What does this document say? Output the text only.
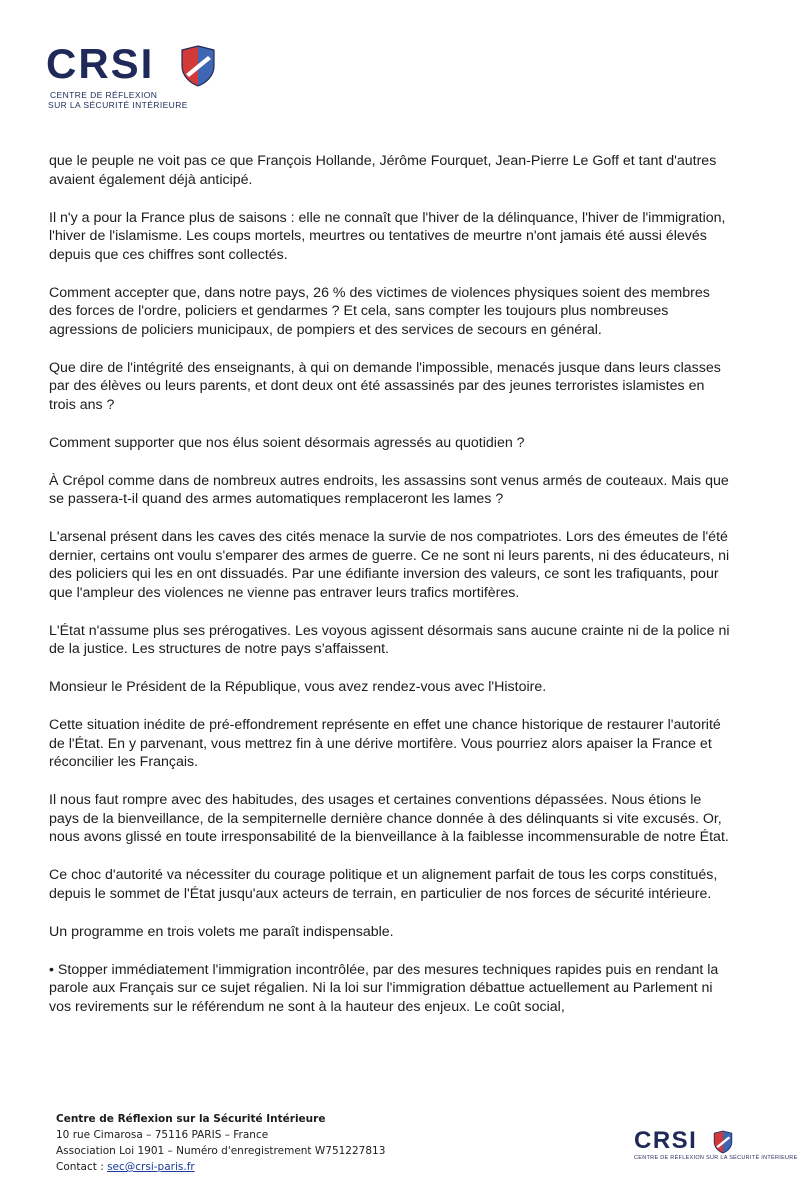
CRSI
CENTRE DE RÉFLEXION
SUR LA SÉCURITÉ INTÉRIEURE

que le peuple ne voit pas ce que François Hollande, Jérôme Fourquet, Jean-Pierre Le Goff et tant d'autres avaient également déjà anticipé.

Il n'y a pour la France plus de saisons : elle ne connaît que l'hiver de la délinquance, l'hiver de l'immigration, l'hiver de l'islamisme. Les coups mortels, meurtres ou tentatives de meurtre n'ont jamais été aussi élevés depuis que ces chiffres sont collectés.

Comment accepter que, dans notre pays, 26 % des victimes de violences physiques soient des membres des forces de l'ordre, policiers et gendarmes ? Et cela, sans compter les toujours plus nombreuses agressions de policiers municipaux, de pompiers et des services de secours en général.

Que dire de l'intégrité des enseignants, à qui on demande l'impossible, menacés jusque dans leurs classes par des élèves ou leurs parents, et dont deux ont été assassinés par des jeunes terroristes islamistes en trois ans ?

Comment supporter que nos élus soient désormais agressés au quotidien ?

À Crépol comme dans de nombreux autres endroits, les assassins sont venus armés de couteaux. Mais que se passera-t-il quand des armes automatiques remplaceront les lames ?

L'arsenal présent dans les caves des cités menace la survie de nos compatriotes. Lors des émeutes de l'été dernier, certains ont voulu s'emparer des armes de guerre. Ce ne sont ni leurs parents, ni des éducateurs, ni des policiers qui les en ont dissuadés. Par une édifiante inversion des valeurs, ce sont les trafiquants, pour que l'ampleur des violences ne vienne pas entraver leurs trafics mortifères.

L'État n'assume plus ses prérogatives. Les voyous agissent désormais sans aucune crainte ni de la police ni de la justice. Les structures de notre pays s'affaissent.

Monsieur le Président de la République, vous avez rendez-vous avec l'Histoire.

Cette situation inédite de pré-effondrement représente en effet une chance historique de restaurer l'autorité de l'État. En y parvenant, vous mettrez fin à une dérive mortifère. Vous pourriez alors apaiser la France et réconcilier les Français.

Il nous faut rompre avec des habitudes, des usages et certaines conventions dépassées. Nous étions le pays de la bienveillance, de la sempiternelle dernière chance donnée à des délinquants si vite excusés. Or, nous avons glissé en toute irresponsabilité de la bienveillance à la faiblesse incommensurable de notre État.

Ce choc d'autorité va nécessiter du courage politique et un alignement parfait de tous les corps constitués, depuis le sommet de l'État jusqu'aux acteurs de terrain, en particulier de nos forces de sécurité intérieure.

Un programme en trois volets me paraît indispensable.

• Stopper immédiatement l'immigration incontrôlée, par des mesures techniques rapides puis en rendant la parole aux Français sur ce sujet régalien. Ni la loi sur l'immigration débattue actuellement au Parlement ni vos revirements sur le référendum ne sont à la hauteur des enjeux. Le coût social,

Centre de Réflexion sur la Sécurité Intérieure
10 rue Cimarosa – 75116 PARIS – France
Association Loi 1901 – Numéro d'enregistrement W751227813
Contact : sec@crsi-paris.fr
CRSI
CENTRE DE RÉFLEXION SUR LA SÉCURITÉ INTÉRIEURE
